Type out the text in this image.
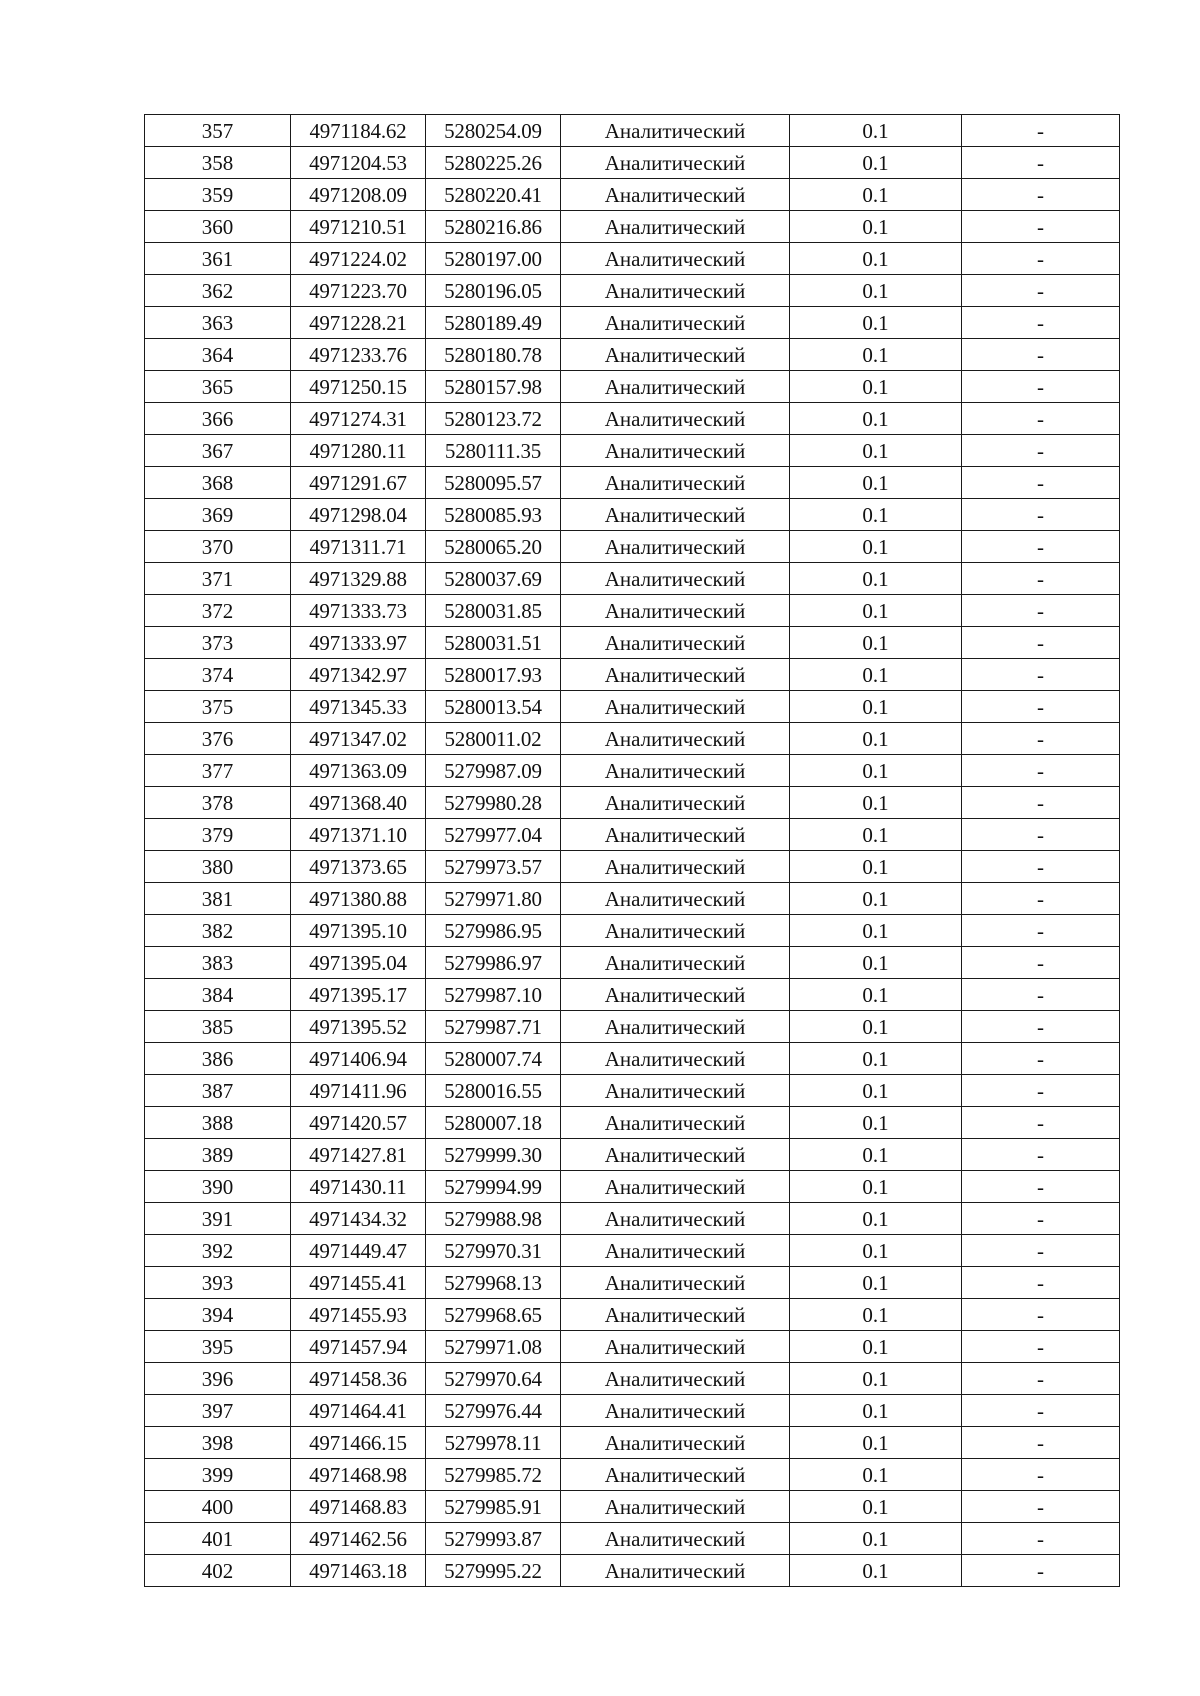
357	4971184.62	5280254.09	Аналитический	0.1	-
358	4971204.53	5280225.26	Аналитический	0.1	-
359	4971208.09	5280220.41	Аналитический	0.1	-
360	4971210.51	5280216.86	Аналитический	0.1	-
361	4971224.02	5280197.00	Аналитический	0.1	-
362	4971223.70	5280196.05	Аналитический	0.1	-
363	4971228.21	5280189.49	Аналитический	0.1	-
364	4971233.76	5280180.78	Аналитический	0.1	-
365	4971250.15	5280157.98	Аналитический	0.1	-
366	4971274.31	5280123.72	Аналитический	0.1	-
367	4971280.11	5280111.35	Аналитический	0.1	-
368	4971291.67	5280095.57	Аналитический	0.1	-
369	4971298.04	5280085.93	Аналитический	0.1	-
370	4971311.71	5280065.20	Аналитический	0.1	-
371	4971329.88	5280037.69	Аналитический	0.1	-
372	4971333.73	5280031.85	Аналитический	0.1	-
373	4971333.97	5280031.51	Аналитический	0.1	-
374	4971342.97	5280017.93	Аналитический	0.1	-
375	4971345.33	5280013.54	Аналитический	0.1	-
376	4971347.02	5280011.02	Аналитический	0.1	-
377	4971363.09	5279987.09	Аналитический	0.1	-
378	4971368.40	5279980.28	Аналитический	0.1	-
379	4971371.10	5279977.04	Аналитический	0.1	-
380	4971373.65	5279973.57	Аналитический	0.1	-
381	4971380.88	5279971.80	Аналитический	0.1	-
382	4971395.10	5279986.95	Аналитический	0.1	-
383	4971395.04	5279986.97	Аналитический	0.1	-
384	4971395.17	5279987.10	Аналитический	0.1	-
385	4971395.52	5279987.71	Аналитический	0.1	-
386	4971406.94	5280007.74	Аналитический	0.1	-
387	4971411.96	5280016.55	Аналитический	0.1	-
388	4971420.57	5280007.18	Аналитический	0.1	-
389	4971427.81	5279999.30	Аналитический	0.1	-
390	4971430.11	5279994.99	Аналитический	0.1	-
391	4971434.32	5279988.98	Аналитический	0.1	-
392	4971449.47	5279970.31	Аналитический	0.1	-
393	4971455.41	5279968.13	Аналитический	0.1	-
394	4971455.93	5279968.65	Аналитический	0.1	-
395	4971457.94	5279971.08	Аналитический	0.1	-
396	4971458.36	5279970.64	Аналитический	0.1	-
397	4971464.41	5279976.44	Аналитический	0.1	-
398	4971466.15	5279978.11	Аналитический	0.1	-
399	4971468.98	5279985.72	Аналитический	0.1	-
400	4971468.83	5279985.91	Аналитический	0.1	-
401	4971462.56	5279993.87	Аналитический	0.1	-
402	4971463.18	5279995.22	Аналитический	0.1	-
